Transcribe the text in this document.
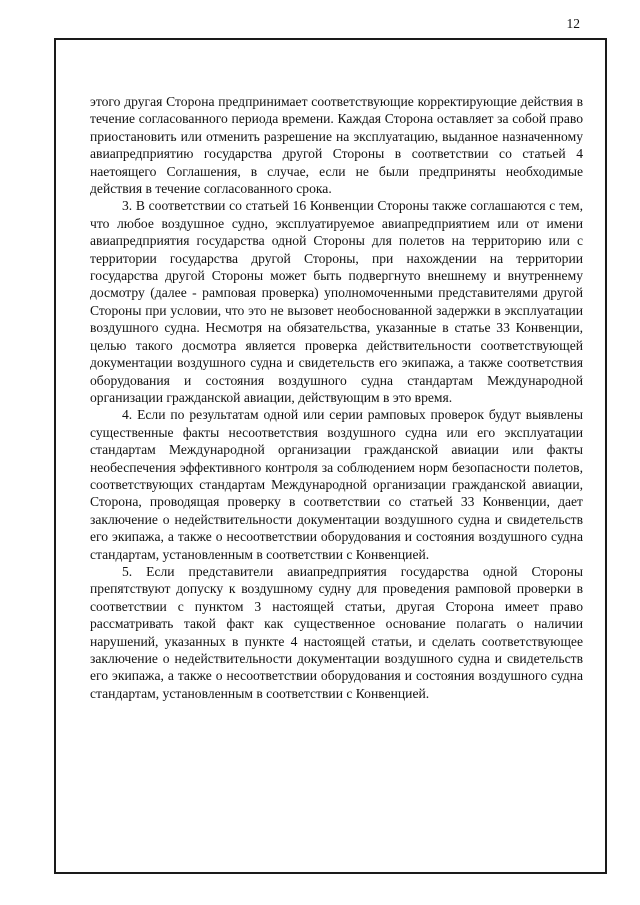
12

этого другая Сторона предпринимает соответствующие корректирующие действия в течение согласованного периода времени. Каждая Сторона оставляет за собой право приостановить или отменить разрешение на эксплуатацию, выданное назначенному авиапредприятию государства другой Стороны в соответствии со статьей 4 наетоящего Соглашения, в случае, если не были предприняты необходимые действия в течение согласованного срока.

3. В соответствии со статьей 16 Конвенции Стороны также соглашаются с тем, что любое воздушное судно, эксплуатируемое авиапредприятием или от имени авиапредприятия государства одной Стороны для полетов на территорию или с территории государства другой Стороны, при нахождении на территории государства другой Стороны может быть подвергнуто внешнему и внутреннему досмотру (далее - рамповая проверка) уполномоченными представителями другой Стороны при условии, что это не вызовет необоснованной задержки в эксплуатации воздушного судна. Несмотря на обязательства, указанные в статье 33 Конвенции, целью такого досмотра является проверка действительности соответствующей документации воздушного судна и свидетельств его экипажа, а также соответствия оборудования и состояния воздушного судна стандартам Международной организации гражданской авиации, действующим в это время.

4. Если по результатам одной или серии рамповых проверок будут выявлены существенные факты несоответствия воздушного судна или его эксплуатации стандартам Международной организации гражданской авиации или факты необеспечения эффективного контроля за соблюдением норм безопасности полетов, соответствующих стандартам Международной организации гражданской авиации, Сторона, проводящая проверку в соответствии со статьей 33 Конвенции, дает заключение о недействительности документации воздушного судна и свидетельств его экипажа, а также о несоответствии оборудования и состояния воздушного судна стандартам, установленным в соответствии с Конвенцией.

5. Если представители авиапредприятия государства одной Стороны препятствуют допуску к воздушному судну для проведения рамповой проверки в соответствии с пунктом 3 настоящей статьи, другая Сторона имеет право рассматривать такой факт как существенное основание полагать о наличии нарушений, указанных в пункте 4 настоящей статьи, и сделать соответствующее заключение о недействительности документации воздушного судна и свидетельств его экипажа, а также о несоответствии оборудования и состояния воздушного судна стандартам, установленным в соответствии с Конвенцией.
